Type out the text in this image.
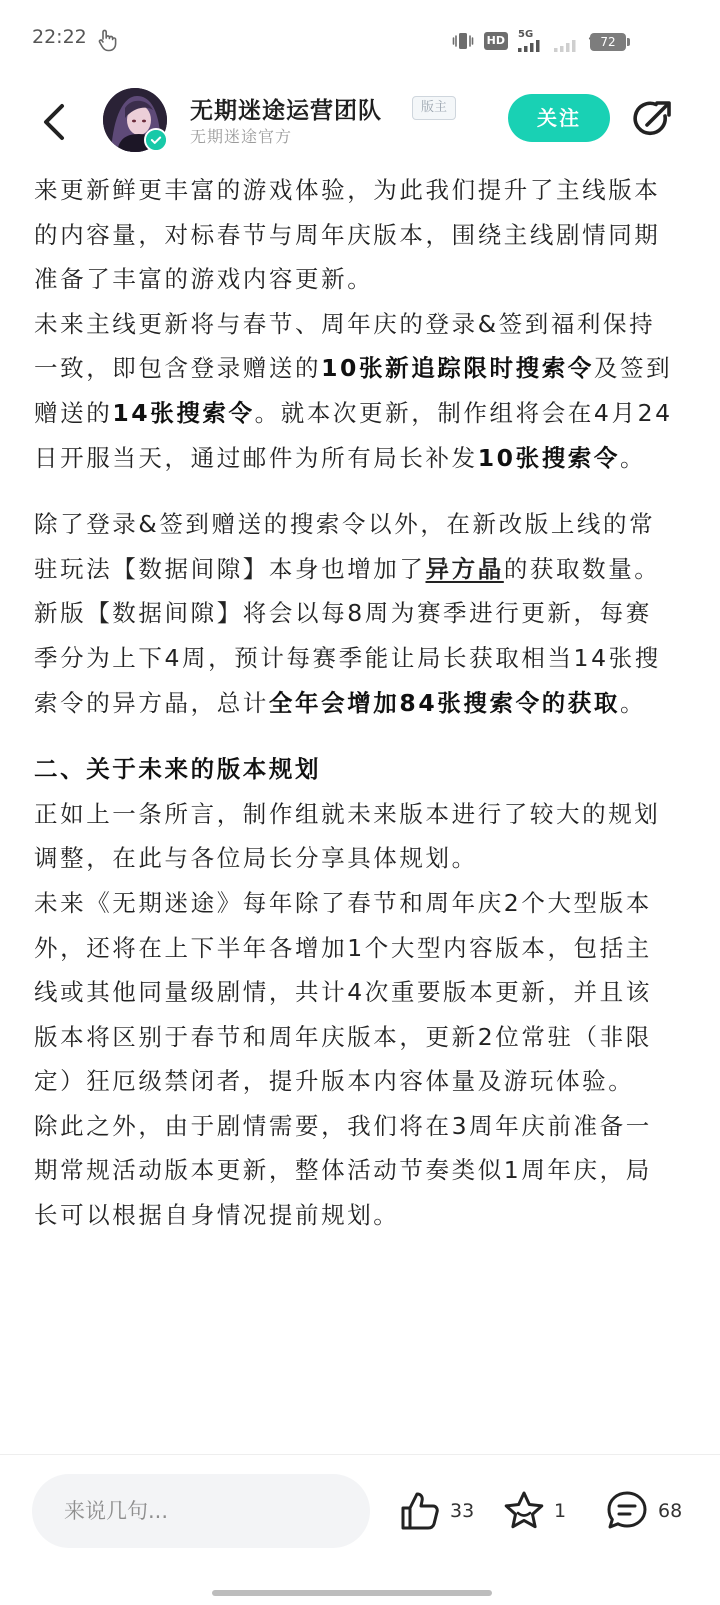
22:22	HD	5G
72
无期迷途运营团队	版主
无期迷途官方
关注

来更新鲜更丰富的游戏体验，为此我们提升了主线版本的内容量，对标春节与周年庆版本，围绕主线剧情同期准备了丰富的游戏内容更新。

未来主线更新将与春节、周年庆的登录&签到福利保持一致，即包含登录赠送的10张新追踪限时搜索令及签到赠送的14张搜索令。就本次更新，制作组将会在4月24日开服当天，通过邮件为所有局长补发10张搜索令。

除了登录&签到赠送的搜索令以外，在新改版上线的常驻玩法【数据间隙】本身也增加了异方晶的获取数量。

新版【数据间隙】将会以每8周为赛季进行更新，每赛季分为上下4周，预计每赛季能让局长获取相当14张搜索令的异方晶，总计全年会增加84张搜索令的获取。

二、关于未来的版本规划

正如上一条所言，制作组就未来版本进行了较大的规划调整，在此与各位局长分享具体规划。

未来《无期迷途》每年除了春节和周年庆2个大型版本外，还将在上下半年各增加1个大型内容版本，包括主线或其他同量级剧情，共计4次重要版本更新，并且该版本将区别于春节和周年庆版本，更新2位常驻（非限定）狂厄级禁闭者，提升版本内容体量及游玩体验。

除此之外，由于剧情需要，我们将在3周年庆前准备一期常规活动版本更新，整体活动节奏类似1周年庆，局长可以根据自身情况提前规划。

来说几句...	33	1	68
